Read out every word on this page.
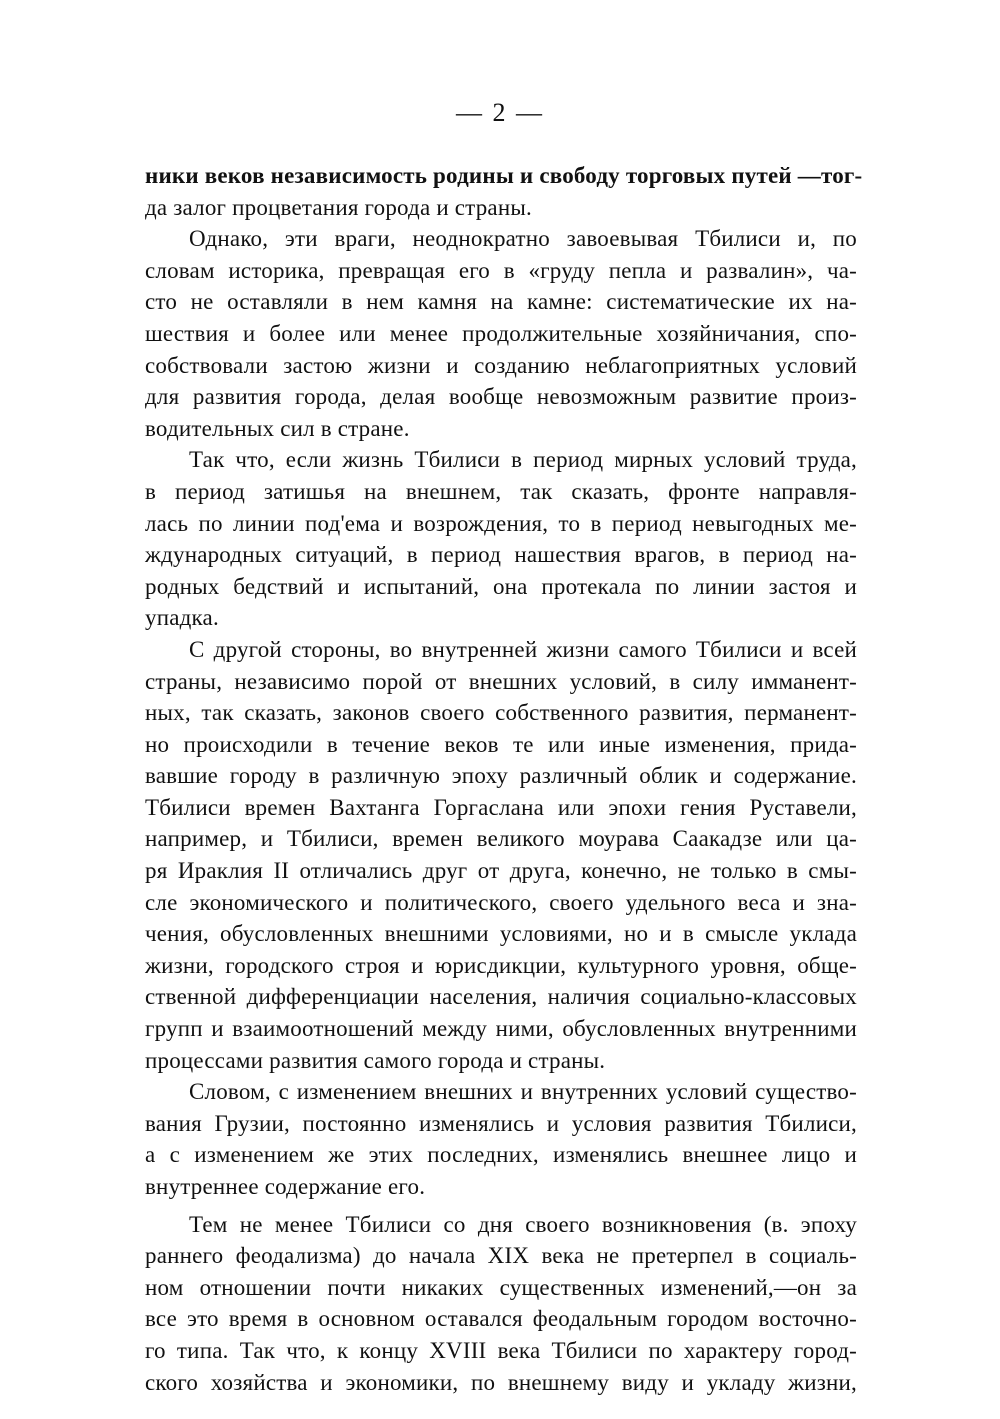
— 2 —
ники веков независимость родины и свободу торговых путей —тог-
да залог процветания города и страны.
Однако, эти враги, неоднократно завоевывая Тбилиси и, по
словам историка, превращая его в «груду пепла и развалин», ча-
сто не оставляли в нем камня на камне: систематические их на-
шествия и более или менее продолжительные хозяйничания, спо-
собствовали застою жизни и созданию неблагоприятных условий
для развития города, делая вообще невозможным развитие произ-
водительных сил в стране.
Так что, если жизнь Тбилиси в период мирных условий труда,
в период затишья на внешнем, так сказать, фронте направля-
лась по линии под'ема и возрождения, то в период невыгодных ме-
ждународных ситуаций, в период нашествия врагов, в период на-
родных бедствий и испытаний, она протекала по линии застоя и
упадка.
С другой стороны, во внутренней жизни самого Тбилиси и всей
страны, независимо порой от внешних условий, в силу имманент-
ных, так сказать, законов своего собственного развития, перманент-
но происходили в течение веков те или иные изменения, прида-
вавшие городу в различную эпоху различный облик и содержание.
Тбилиси времен Вахтанга Горгаслана или эпохи гения Руставели,
например, и Тбилиси, времен великого моурава Саакадзе или ца-
ря Ираклия II отличались друг от друга, конечно, не только в смы-
сле экономического и политического, своего удельного веса и зна-
чения, обусловленных внешними условиями, но и в смысле уклада
жизни, городского строя и юрисдикции, культурного уровня, обще-
ственной дифференциации населения, наличия социально-классовых
групп и взаимоотношений между ними, обусловленных внутренними
процессами развития самого города и страны.
Словом, с изменением внешних и внутренних условий существо-
вания Грузии, постоянно изменялись и условия развития Тбилиси,
а с изменением же этих последних, изменялись внешнее лицо и
внутреннее содержание его.
Тем не менее Тбилиси со дня своего возникновения (в. эпоху
раннего феодализма) до начала XIX века не претерпел в социаль-
ном отношении почти никаких существенных изменений,—он за
все это время в основном оставался феодальным городом восточно-
го типа. Так что, к концу XVIII века Тбилиси по характеру город-
ского хозяйства и экономики, по внешнему виду и укладу жизни,
